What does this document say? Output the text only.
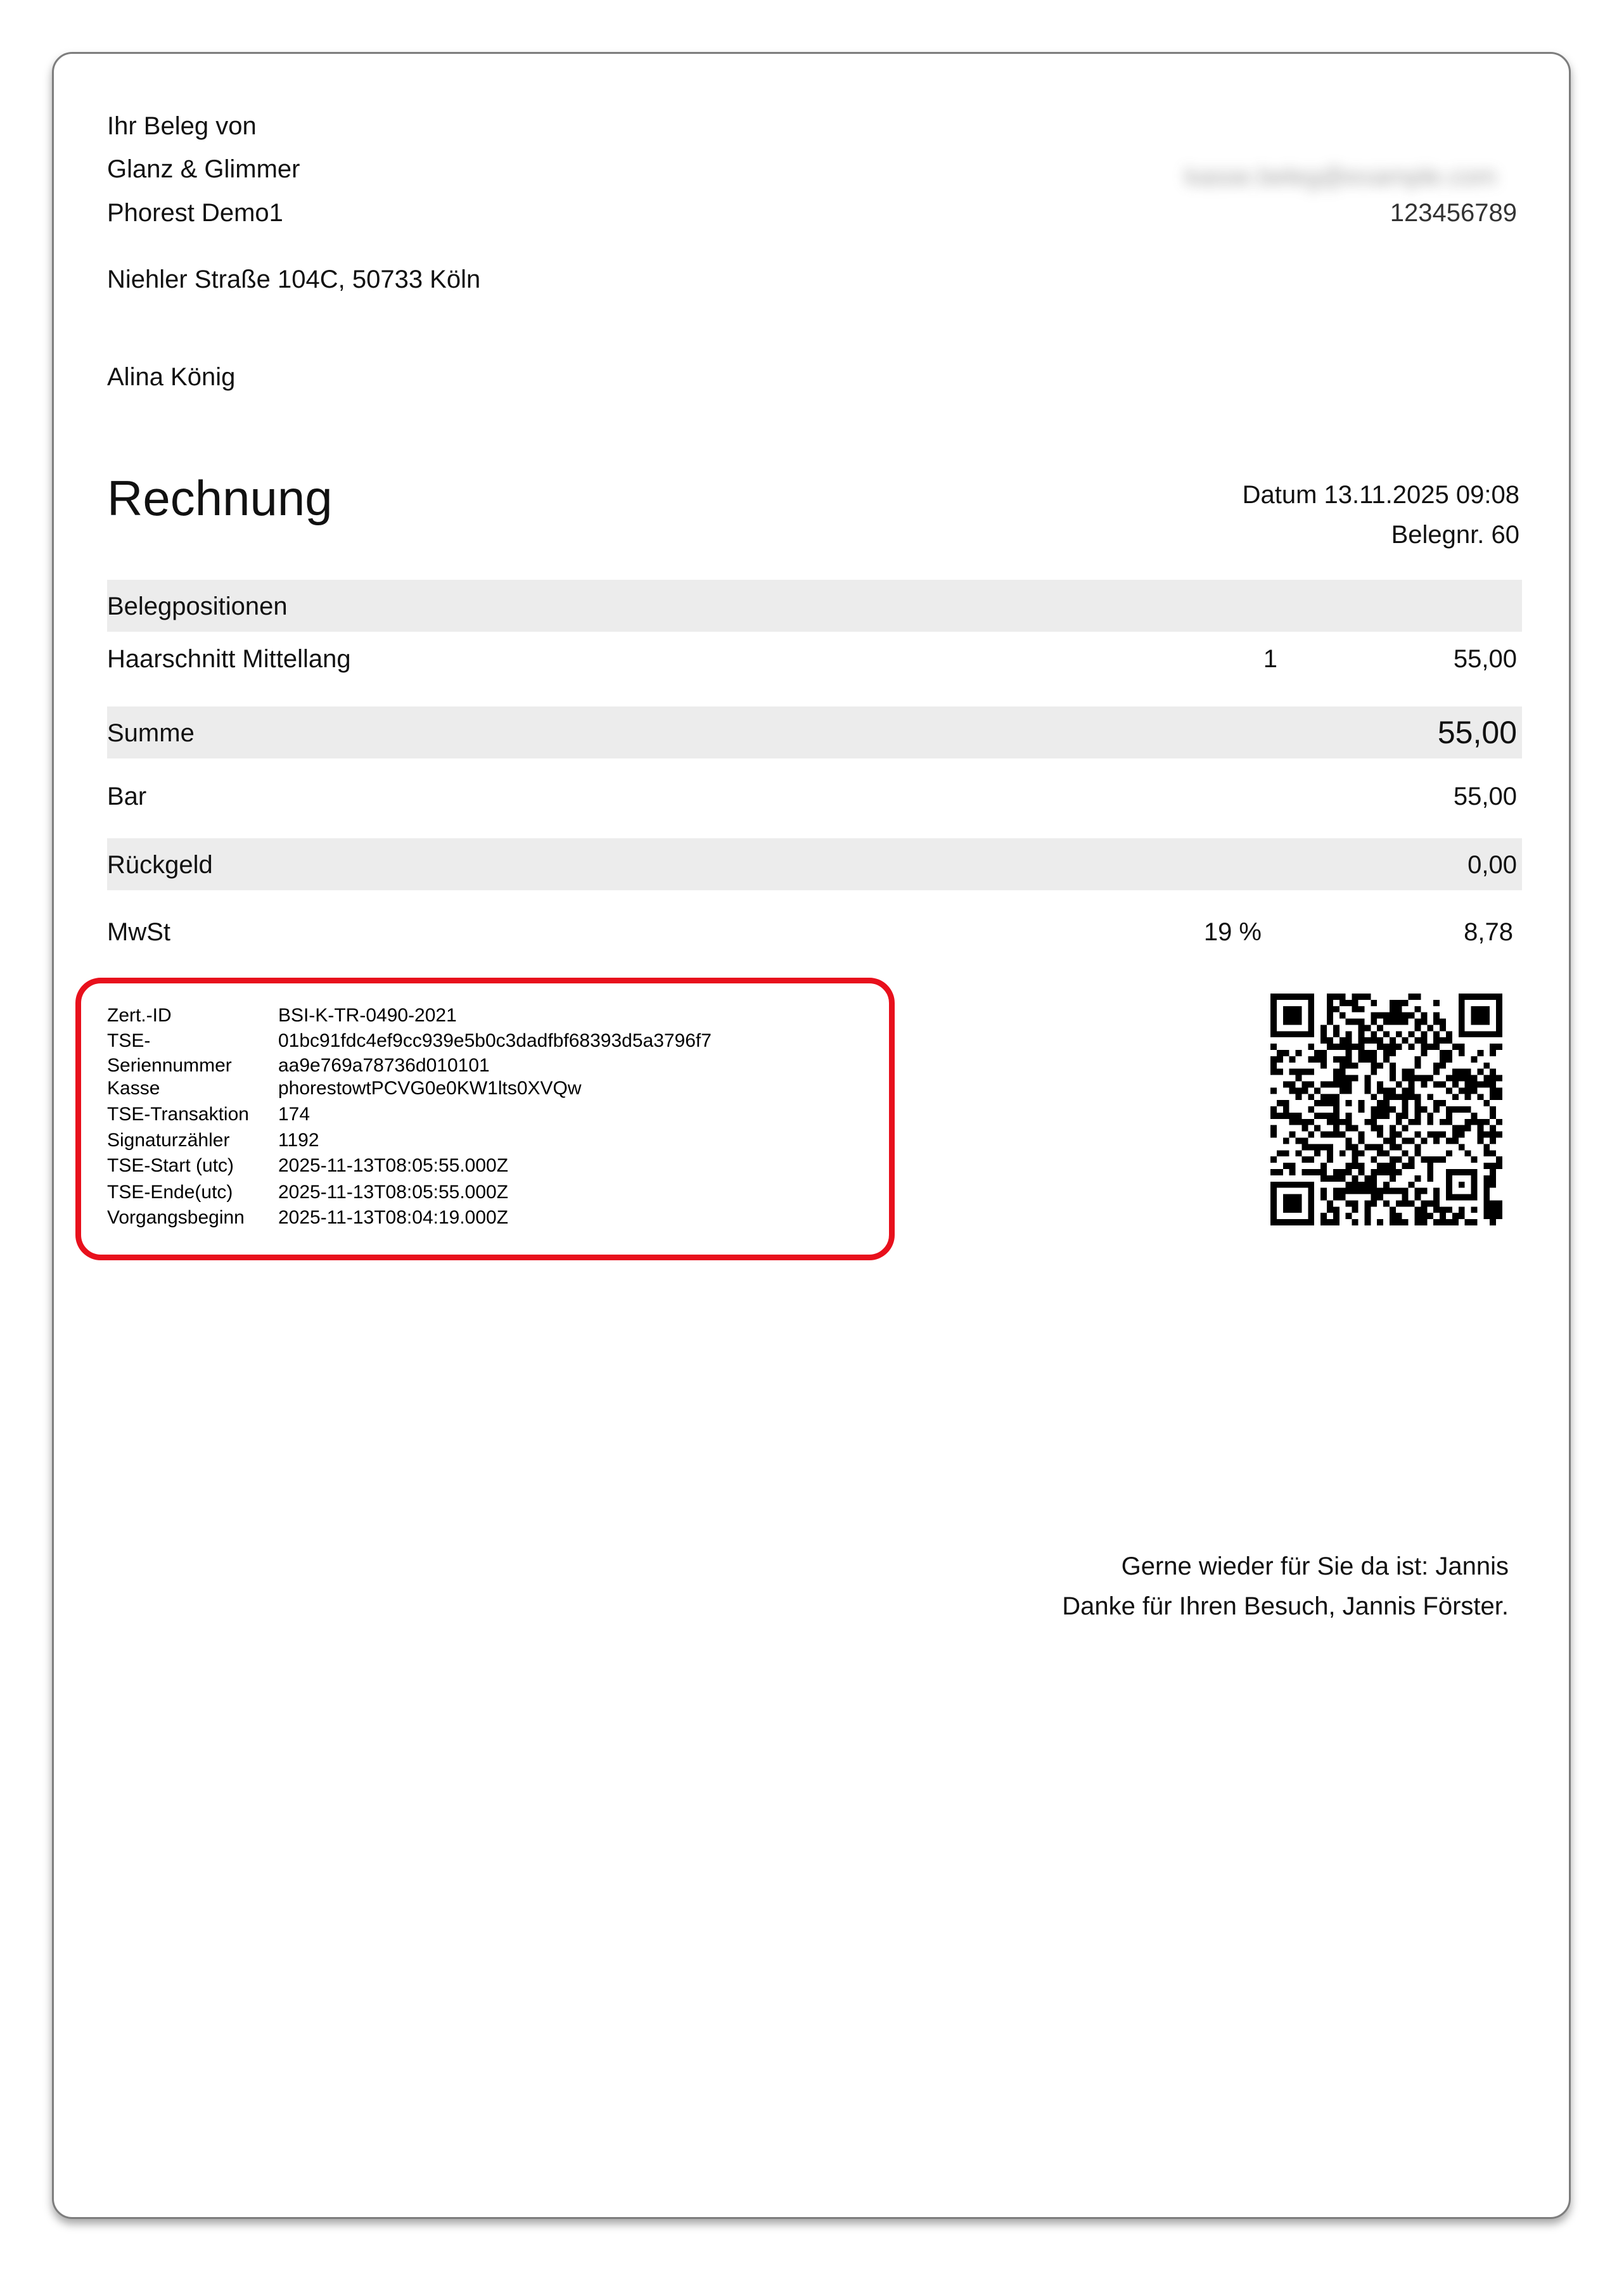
Ihr Beleg von
Glanz & Glimmer
Phorest Demo1
Niehler Straße 104C, 50733 Köln
Alina König
kasse.beleg@example.com
123456789
Rechnung	Datum 13.11.2025 09:08
Belegnr. 60
Belegpositionen
Haarschnitt Mittellang	1	55,00
Summe	55,00
Bar	55,00
Rückgeld	0,00
MwSt	19 %	8,78
Zert.-ID	BSI-K-TR-0490-2021
TSE-	01bc91fdc4ef9cc939e5b0c3dadfbf68393d5a3796f7
Seriennummer aa9e769a78736d010101
Kasse	phorestowtPCVG0e0KW1lts0XVQw
TSE-Transaktion 174
Signaturzähler	1192
TSE-Start (utc) 2025-11-13T08:05:55.000Z
TSE-Ende(utc) 2025-11-13T08:05:55.000Z
Vorgangsbeginn 2025-11-13T08:04:19.000Z
Gerne wieder für Sie da ist: Jannis
Danke für Ihren Besuch, Jannis Förster.
